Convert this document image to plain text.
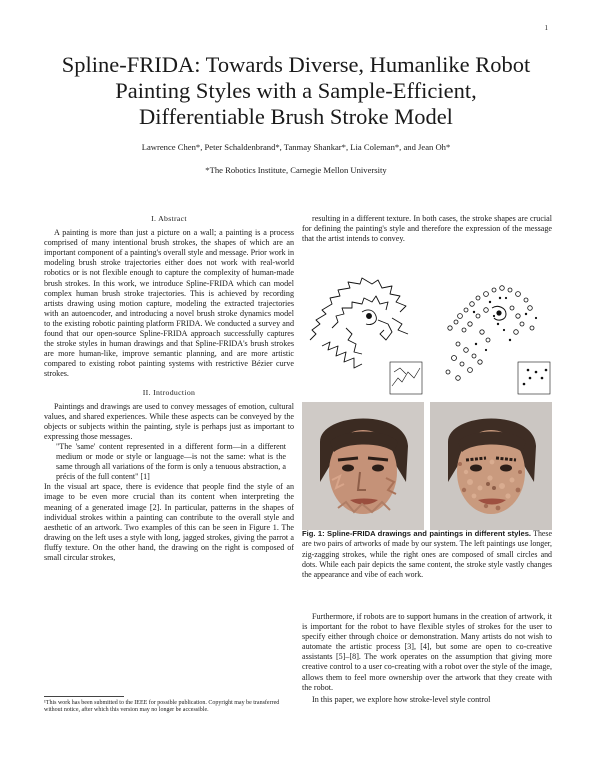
1
Spline-FRIDA: Towards Diverse, Humanlike Robot
Painting Styles with a Sample-Efficient,
Differentiable Brush Stroke Model
Lawrence Chen*, Peter Schaldenbrand*, Tanmay Shankar*, Lia Coleman*, and Jean Oh*
*The Robotics Institute, Carnegie Mellon University
I. Abstract

A painting is more than just a picture on a wall; a painting is a process comprised of many intentional brush strokes, the shapes of which are an important component of a painting's overall style and message. Prior work in modeling brush stroke trajectories either does not work with real-world robotics or is not flexible enough to capture the complexity of human-made brush strokes. In this work, we introduce Spline-FRIDA which can model complex human brush stroke trajectories. This is achieved by recording artists drawing using motion capture, modeling the extracted trajectories with an autoencoder, and introducing a novel brush stroke dynamics model to the existing robotic painting platform FRIDA. We conducted a survey and found that our open-source Spline-FRIDA approach successfully captures the stroke styles in human drawings and that Spline-FRIDA's brush strokes are more human-like, improve semantic planning, and are more artistic compared to existing robot painting systems with restrictive Bézier curve strokes.

II. Introduction

Paintings and drawings are used to convey messages of emotion, cultural values, and shared experiences. While these aspects can be conveyed by the objects or subjects within the painting, style is perhaps just as important to expressing those messages.

"The 'same' content represented in a different form—in a different medium or mode or style or language—is not the same: what is the same through all variations of the form is only a tenuous abstraction, a précis of the full content" [1]

In the visual art space, there is evidence that people find the style of an image to be even more crucial than its content when interpreting the meaning of a generated image [2]. In particular, patterns in the shapes of individual strokes within a painting can contribute to the overall style and aesthetic of an artwork. Two examples of this can be seen in Figure 1. The drawing on the left uses a style with long, jagged strokes, giving the parrot a fluffy texture. On the other hand, the drawing on the right is composed of small circular strokes,

¹This work has been submitted to the IEEE for possible publication. Copyright may be transferred without notice, after which this version may no longer be accessible.

resulting in a different texture. In both cases, the stroke shapes are crucial for defining the painting's style and therefore the expression of the message that the artist intends to convey.

Fig. 1: Spline-FRIDA drawings and paintings in different styles. These are two pairs of artworks of made by our system. The left paintings use longer, zig-zagging strokes, while the right ones are composed of small circles and dots. While each pair depicts the same content, the stroke style vastly changes the appearance and vibe of each work.

Furthermore, if robots are to support humans in the creation of artwork, it is important for the robot to have flexible styles of strokes for the user to specify either through choice or demonstration. Many artists do not wish to automate the artistic process [3], [4], but some are open to co-creative assistants [5]–[8]. The work operates on the assumption that giving more creative control to a user co-creating with a robot over the style of the image, allows them to feel more ownership over the artwork that they create with the robot.

In this paper, we explore how stroke-level style control
